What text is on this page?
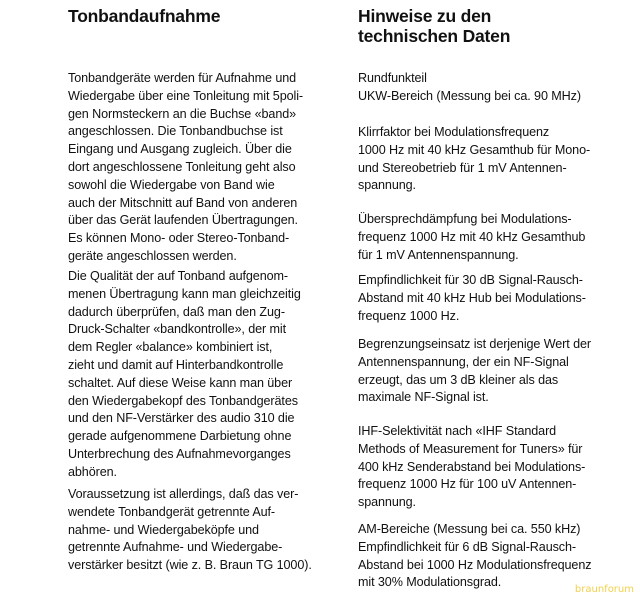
Tonbandaufnahme

Tonbandgeräte werden für Aufnahme und
Wiedergabe über eine Tonleitung mit 5poli-
gen Normsteckern an die Buchse «band»
angeschlossen. Die Tonbandbuchse ist
Eingang und Ausgang zugleich. Über die
dort angeschlossene Tonleitung geht also
sowohl die Wiedergabe von Band wie
auch der Mitschnitt auf Band von anderen
über das Gerät laufenden Übertragungen.
Es können Mono- oder Stereo-Tonband-
geräte angeschlossen werden.

Die Qualität der auf Tonband aufgenom-
menen Übertragung kann man gleichzeitig
dadurch überprüfen, daß man den Zug-
Druck-Schalter «bandkontrolle», der mit
dem Regler «balance» kombiniert ist,
zieht und damit auf Hinterbandkontrolle
schaltet. Auf diese Weise kann man über
den Wiedergabekopf des Tonbandgerätes
und den NF-Verstärker des audio 310 die
gerade aufgenommene Darbietung ohne
Unterbrechung des Aufnahmevorganges
abhören.

Voraussetzung ist allerdings, daß das ver-
wendete Tonbandgerät getrennte Auf-
nahme- und Wiedergabeköpfe und
getrennte Aufnahme- und Wiedergabe-
verstärker besitzt (wie z. B. Braun TG 1000).

Hinweise zu den
technischen Daten

Rundfunkteil
UKW-Bereich (Messung bei ca. 90 MHz)

Klirrfaktor bei Modulationsfrequenz
1000 Hz mit 40 kHz Gesamthub für Mono-
und Stereobetrieb für 1 mV Antennen-
spannung.

Übersprechdämpfung bei Modulations-
frequenz 1000 Hz mit 40 kHz Gesamthub
für 1 mV Antennenspannung.

Empfindlichkeit für 30 dB Signal-Rausch-
Abstand mit 40 kHz Hub bei Modulations-
frequenz 1000 Hz.

Begrenzungseinsatz ist derjenige Wert der
Antennenspannung, der ein NF-Signal
erzeugt, das um 3 dB kleiner als das
maximale NF-Signal ist.

IHF-Selektivität nach «IHF Standard
Methods of Measurement for Tuners» für
400 kHz Senderabstand bei Modulations-
frequenz 1000 Hz für 100 uV Antennen-
spannung.

AM-Bereiche (Messung bei ca. 550 kHz)
Empfindlichkeit für 6 dB Signal-Rausch-
Abstand bei 1000 Hz Modulationsfrequenz
mit 30% Modulationsgrad.

braunforum
